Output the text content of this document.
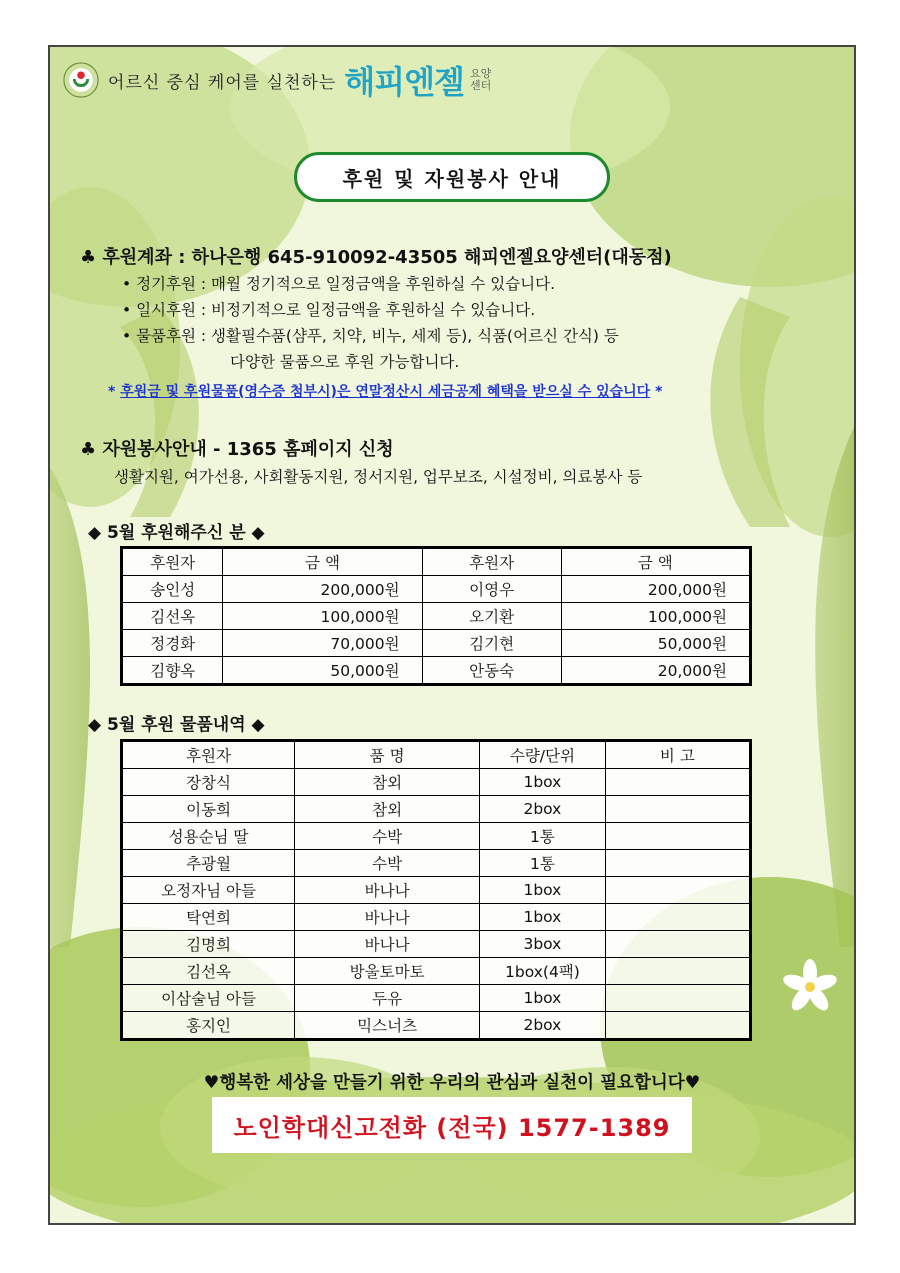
어르신 중심 케어를 실천하는 해피엔젤 요양
센터
후원 및 자원봉사 안내
♣ 후원계좌 : 하나은행 645-910092-43505 해피엔젤요양센터(대동점)
• 정기후원 : 매월 정기적으로 일정금액을 후원하실 수 있습니다.
• 일시후원 : 비정기적으로 일정금액을 후원하실 수 있습니다.
• 물품후원 : 생활필수품(샴푸, 치약, 비누, 세제 등), 식품(어르신 간식) 등
다양한 물품으로 후원 가능합니다.
* 후원금 및 후원물품(영수증 첨부시)은 연말정산시 세금공제 혜택을 받으실 수 있습니다 *
♣ 자원봉사안내 - 1365 홈페이지 신청
생활지원, 여가선용, 사회활동지원, 정서지원, 업무보조, 시설정비, 의료봉사 등
◆ 5월 후원해주신 분 ◆
후원자	금 액	후원자	금 액
송인성	200,000원	이영우	200,000원
김선옥	100,000원	오기환	100,000원
정경화	70,000원	김기현	50,000원
김향옥	50,000원	안동숙	20,000원
◆ 5월 후원 물품내역 ◆
후원자	품 명	수량/단위	비 고
장창식	참외	1box	
이동희	참외	2box	
성용순님 딸	수박	1통	
추광월	수박	1통	
오정자님 아들	바나나	1box	
탁연희	바나나	1box	
김명희	바나나	3box	
김선옥	방울토마토	1box(4팩)	
이삼술님 아들	두유	1box	
홍지인	믹스너츠	2box	
♥행복한 세상을 만들기 위한 우리의 관심과 실천이 필요합니다♥
노인학대신고전화 (전국) 1577-1389
